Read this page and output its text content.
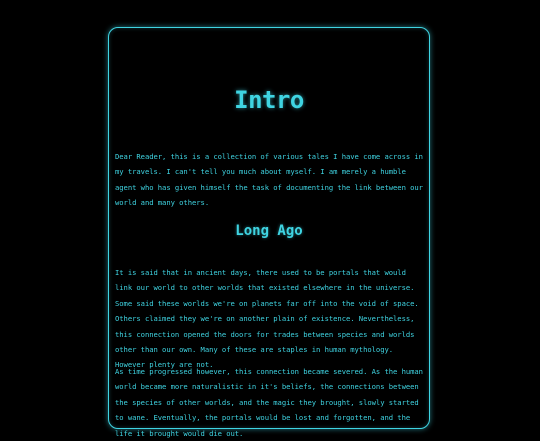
Intro

Dear Reader, this is a collection of various tales I have come across in my travels. I can't tell you much about myself. I am merely a humble agent who has given himself the task of documenting the link between our world and many others.

Long Ago

It is said that in ancient days, there used to be portals that would link our world to other worlds that existed elsewhere in the universe. Some said these worlds we're on planets far off into the void of space. Others claimed they we're on another plain of existence. Nevertheless, this connection opened the doors for trades between species and worlds other than our own. Many of these are staples in human mythology. However plenty are not.

As time progressed however, this connection became severed. As the human world became more naturalistic in it's beliefs, the connections between the species of other worlds, and the magic they brought, slowly started to wane. Eventually, the portals would be lost and forgotten, and the life it brought would die out.
